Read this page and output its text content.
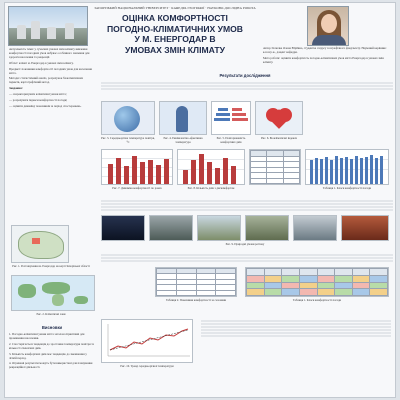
ЗАПОРІЗЬКИЙ НАЦІОНАЛЬНИЙ УНІВЕРСИТЕТ · КАФЕДРА ГЕОГРАФІЇ · НАУКОВО-ДОСЛІДНА РОБОТА
ОЦІНКА КОМФОРТНОСТІ
ПОГОДНО-КЛІМАТИЧНИХ УМОВ
У М. ЕНЕРГОДАР В
УМОВАХ ЗМІН КЛІМАТУ	Автор: Ключка Олена Юріївна, студентка 4 курсу географічного факультету. Науковий керівник: к.геогр.н., доцент кафедри.
Мета роботи: оцінити комфортність погодно-кліматичних умов міста Енергодар в умовах змін клімату.

Актуальність теми: у сучасних умовах змін клімату вивчення комфортності погодних умов набуває особливого значення для здоров'я населення та рекреації.

Об'єкт: клімат м. Енергодар в умовах змін клімату.

Предмет: показники комфортності погодних умов для населення міста.

Методи: статистичний аналіз, розрахунок біокліматичних індексів, картографічний метод.

Завдання:

— охарактеризувати кліматичні умови міста;

— розрахувати індекси комфортності погоди;

— оцінити динаміку показників за період спостережень.

Рис. 1. Розташування м. Енергодар на карті Запорізької області
Рис. 2. Кліматичні зони
Результати дослідження
Рис. 3. Середньорічна температура повітря, °С
Рис. 4. Еквівалентно-ефективна температура
Рис. 5. Повторюваність комфортних днів
Рис. 6. Біокліматичні індекси

Рис. 7. Динаміка комфортності по роках	Рис. 8. Кількість днів з дискомфортом	Таблиця 1. Класи комфортності погоди
Рис. 9. Природні умови регіону

Таблиця 2. Показники комфортності за сезонами	Таблиця 1. Класи комфортності погоди
Рис. 10. Тренд середньорічної температури
Висновки

1. Погодно-кліматичні умови міста загалом сприятливі для проживання населення.

2. Спостерігається тенденція до зростання температури повітря та кількості спекотних днів.

3. Кількість комфортних днів має тенденцію до зменшення у літній період.

4. Отримані результати можуть бути використані для планування рекреаційної діяльності.
